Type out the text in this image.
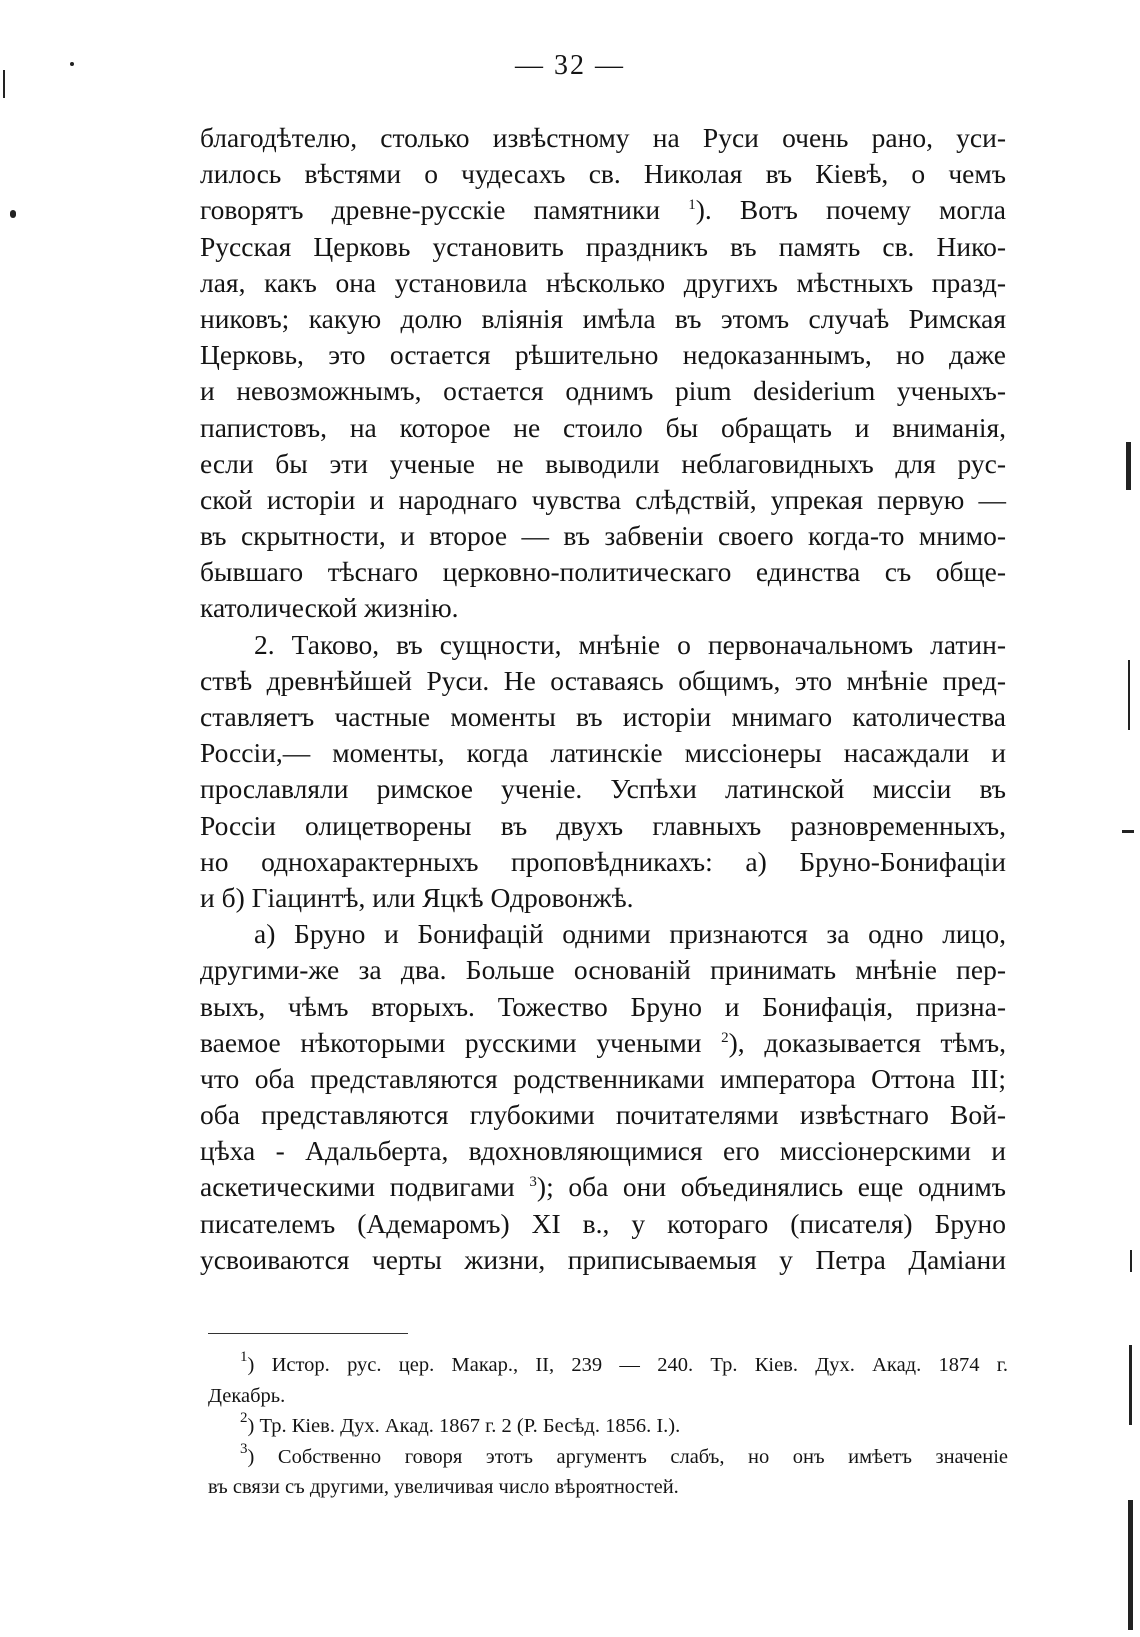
— 32 —
благодѣтелю, столько извѣстному на Руси очень рано, уси-
лилось вѣстями о чудесахъ св. Николая въ Кіевѣ, о чемъ
говорятъ древне-русскіе памятники $^1$). Вотъ почему могла
Русская Церковь установить праздникъ въ память св. Нико-
лая, какъ она установила нѣсколько другихъ мѣстныхъ празд-
никовъ; какую долю вліянія имѣла въ этомъ случаѣ Римская
Церковь, это остается рѣшительно недоказаннымъ, но даже
и невозможнымъ, остается однимъ pium desiderium ученыхъ-
папистовъ, на которое не стоило бы обращать и вниманія,
если бы эти ученые не выводили неблаговидныхъ для рус-
ской исторіи и народнаго чувства слѣдствій, упрекая первую —
въ скрытности, и второе — въ забвеніи своего когда-то мнимо-
бывшаго тѣснаго церковно-политическаго единства съ обще-
католической жизнію.
2. Таково, въ сущности, мнѣніе о первоначальномъ латин-
ствѣ древнѣйшей Руси. Не оставаясь общимъ, это мнѣніе пред-
ставляетъ частные моменты въ исторіи мнимаго католичества
Россіи,— моменты, когда латинскіе миссіонеры насаждали и
прославляли римское ученіе. Успѣхи латинской миссіи въ
Россіи олицетворены въ двухъ главныхъ разновременныхъ,
но однохарактерныхъ проповѣдникахъ: а) Бруно-Бонифаціи
и б) Гіацинтѣ, или Яцкѣ Одровонжѣ.
а) Бруно и Бонифацій одними признаются за одно лицо,
другими-же за два. Больше основаній принимать мнѣніе пер-
выхъ, чѣмъ вторыхъ. Тожество Бруно и Бонифація, призна-
ваемое нѣкоторыми русскими учеными $^2$), доказывается тѣмъ,
что оба представляются родственниками императора Оттона III;
оба представляются глубокими почитателями извѣстнаго Вой-
цѣха - Адальберта, вдохновляющимися его миссіонерскими и
аскетическими подвигами $^3$); оба они объединялись еще однимъ
писателемъ (Адемаромъ) XI в., у котораго (писателя) Бруно
усвоиваются черты жизни, приписываемыя у Петра Даміани
$^1$) Истор. рус. цер. Макар., II, 239 — 240. Тр. Кіев. Дух. Акад. 1874 г.
Декабрь.
$^2$) Тр. Кіев. Дух. Акад. 1867 г. 2 (Р. Бесѣд. 1856. I.).
$^3$) Собственно говоря этотъ аргументъ слабъ, но онъ имѣетъ значеніе
въ связи съ другими, увеличивая число вѣроятностей.
